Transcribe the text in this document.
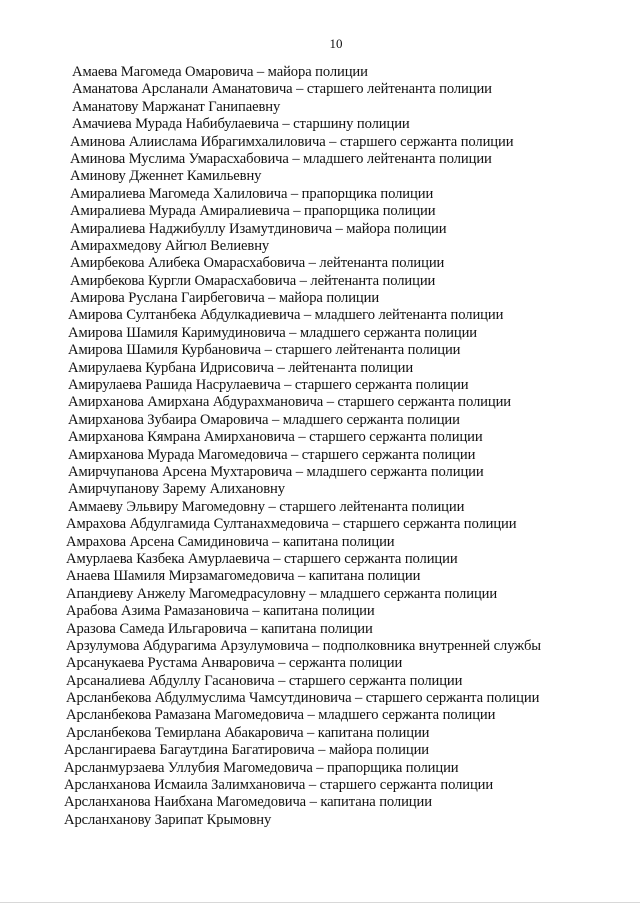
10
Амаева Магомеда Омаровича – майора полиции
Аманатова Арсланали Аманатовича – старшего лейтенанта полиции
Аманатову Маржанат Ганипаевну
Амачиева Мурада Набибулаевича – старшину полиции
Аминова Алиислама Ибрагимхалиловича – старшего сержанта полиции
Аминова Муслима Умарасхабовича – младшего лейтенанта полиции
Аминову Дженнет Камильевну
Амиралиева Магомеда Халиловича – прапорщика полиции
Амиралиева Мурада Амиралиевича – прапорщика полиции
Амиралиева Наджибуллу Изамутдиновича – майора полиции
Амирахмедову Айгюл Велиевну
Амирбекова Алибека Омарасхабовича – лейтенанта полиции
Амирбекова Кургли Омарасхабовича – лейтенанта полиции
Амирова Руслана Гаирбеговича – майора полиции
Амирова Султанбека Абдулкадиевича – младшего лейтенанта полиции
Амирова Шамиля Каримудиновича – младшего сержанта полиции
Амирова Шамиля Курбановича – старшего лейтенанта полиции
Амирулаева Курбана Идрисовича – лейтенанта полиции
Амирулаева Рашида Насрулаевича – старшего сержанта полиции
Амирханова Амирхана Абдурахмановича – старшего сержанта полиции
Амирханова Зубаира Омаровича – младшего сержанта полиции
Амирханова Кямрана Амирхановича – старшего сержанта полиции
Амирханова Мурада Магомедовича – старшего сержанта полиции
Амирчупанова Арсена Мухтаровича – младшего сержанта полиции
Амирчупанову Зарему Алихановну
Аммаеву Эльвиру Магомедовну – старшего лейтенанта полиции
Амрахова Абдулгамида Султанахмедовича – старшего сержанта полиции
Амрахова Арсена Самидиновича – капитана полиции
Амурлаева Казбека Амурлаевича – старшего сержанта полиции
Анаева Шамиля Мирзамагомедовича – капитана полиции
Апандиеву Анжелу Магомедрасуловну – младшего сержанта полиции
Арабова Азима Рамазановича – капитана полиции
Аразова Самеда Ильгаровича – капитана полиции
Арзулумова Абдурагима Арзулумовича – подполковника внутренней службы
Арсанукаева Рустама Анваровича – сержанта полиции
Арсаналиева Абдуллу Гасановича – старшего сержанта полиции
Арсланбекова Абдулмуслима Чамсутдиновича – старшего сержанта полиции
Арсланбекова Рамазана Магомедовича – младшего сержанта полиции
Арсланбекова Темирлана Абакаровича – капитана полиции
Арслангираева Багаутдина Багатировича – майора полиции
Арсланмурзаева Уллубия Магомедовича – прапорщика полиции
Арсланханова Исмаила Залимхановича – старшего сержанта полиции
Арсланханова Наибхана Магомедовича – капитана полиции
Арсланханову Зарипат Крымовну
